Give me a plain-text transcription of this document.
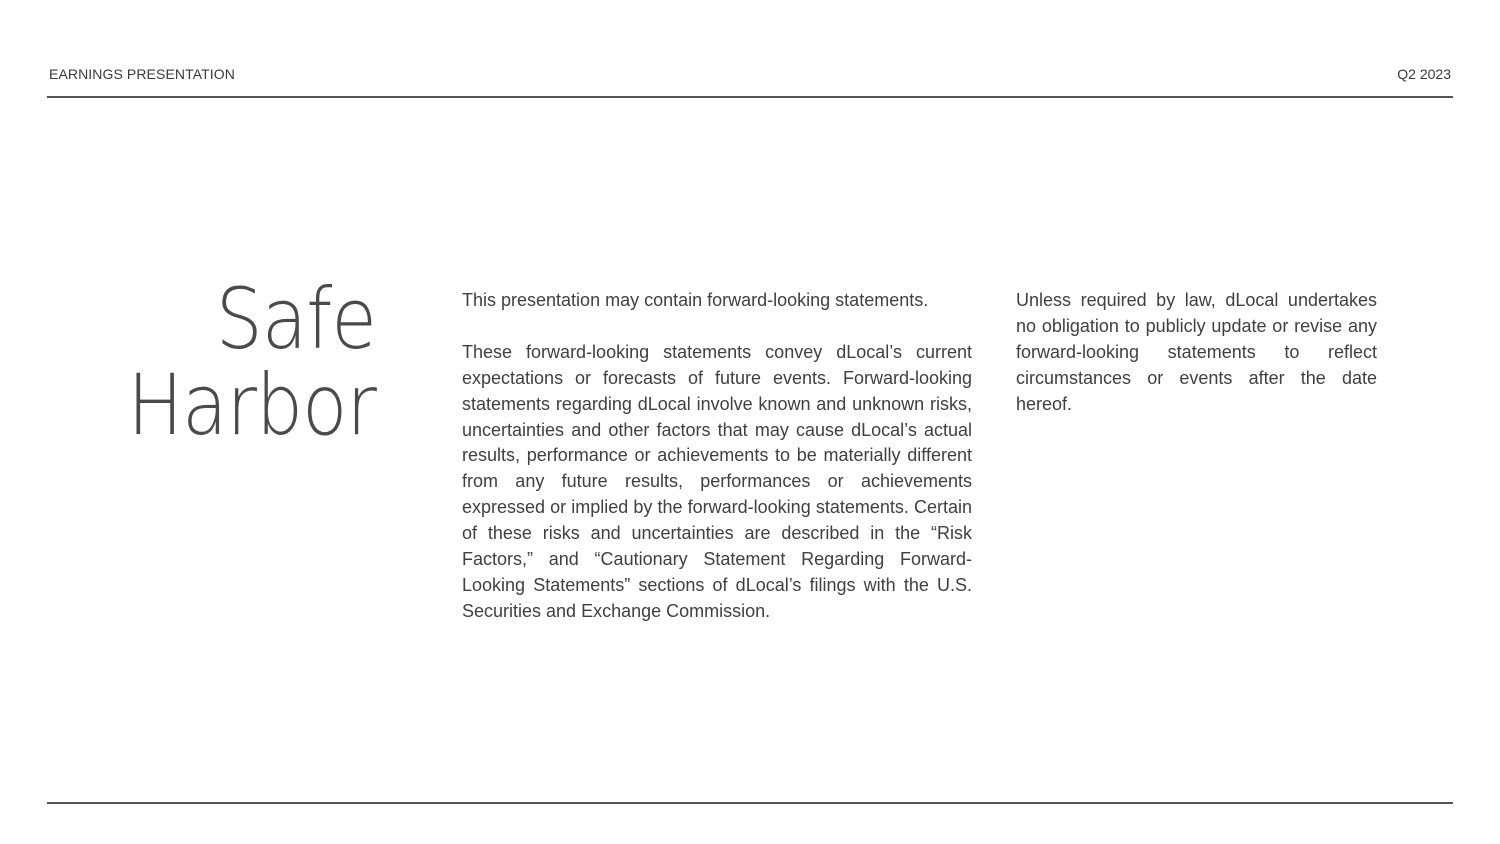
EARNINGS PRESENTATION	Q2 2023
Safe
Harbor

This presentation may contain forward-looking statements.

These forward-looking statements convey dLocal’s current expectations or forecasts of future events. Forward-looking statements regarding dLocal involve known and unknown risks, uncertainties and other factors that may cause dLocal’s actual results, performance or achievements to be materially different from any future results, performances or achievements expressed or implied by the forward-looking statements. Certain of these risks and uncertainties are described in the “Risk Factors,” and “Cautionary Statement Regarding Forward-Looking Statements” sections of dLocal’s filings with the U.S. Securities and Exchange Commission.

Unless required by law, dLocal undertakes no obligation to publicly update or revise any forward-looking statements to reflect circumstances or events after the date hereof.
